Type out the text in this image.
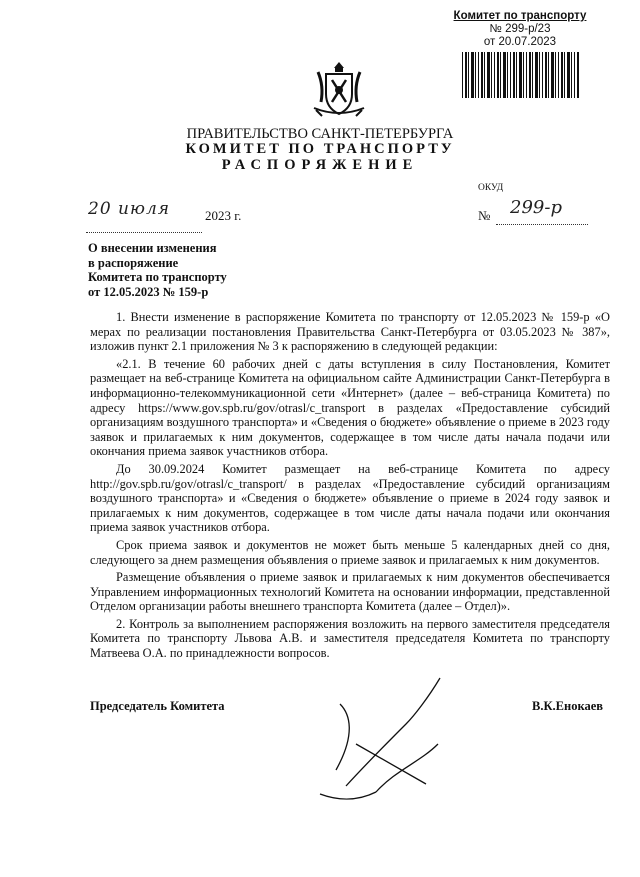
Комитет по транспорту
№ 299-р/23
от 20.07.2023
ПРАВИТЕЛЬСТВО САНКТ-ПЕТЕРБУРГА
КОМИТЕТ ПО ТРАНСПОРТУ
РАСПОРЯЖЕНИЕ
ОКУД
20 июля	2023 г.	№ 299-р
О внесении изменения
в распоряжение
Комитета по транспорту
от 12.05.2023 № 159-р

1. Внести изменение в распоряжение Комитета по транспорту от 12.05.2023 № 159-р «О мерах по реализации постановления Правительства Санкт-Петербурга от 03.05.2023 № 387», изложив пункт 2.1 приложения № 3 к распоряжению в следующей редакции:

«2.1. В течение 60 рабочих дней с даты вступления в силу Постановления, Комитет размещает на веб-странице Комитета на официальном сайте Администрации Санкт-Петербурга в информационно-телекоммуникационной сети «Интернет» (далее – веб-страница Комитета) по адресу https://www.gov.spb.ru/gov/otrasl/c_transport в разделах «Предоставление субсидий организациям воздушного транспорта» и «Сведения о бюджете» объявление о приеме в 2023 году заявок и прилагаемых к ним документов, содержащее в том числе даты начала подачи или окончания приема заявок участников отбора.

До 30.09.2024 Комитет размещает на веб-странице Комитета по адресу http://gov.spb.ru/gov/otrasl/c_transport/ в разделах «Предоставление субсидий организациям воздушного транспорта» и «Сведения о бюджете» объявление о приеме в 2024 году заявок и прилагаемых к ним документов, содержащее в том числе даты начала подачи или окончания приема заявок участников отбора.

Срок приема заявок и документов не может быть меньше 5 календарных дней со дня, следующего за днем размещения объявления о приеме заявок и прилагаемых к ним документов.

Размещение объявления о приеме заявок и прилагаемых к ним документов обеспечивается Управлением информационных технологий Комитета на основании информации, представленной Отделом организации работы внешнего транспорта Комитета (далее – Отдел)».

2. Контроль за выполнением распоряжения возложить на первого заместителя председателя Комитета по транспорту Львова А.В. и заместителя председателя Комитета по транспорту Матвеева О.А. по принадлежности вопросов.

Председатель Комитета	В.К.Енокаев
